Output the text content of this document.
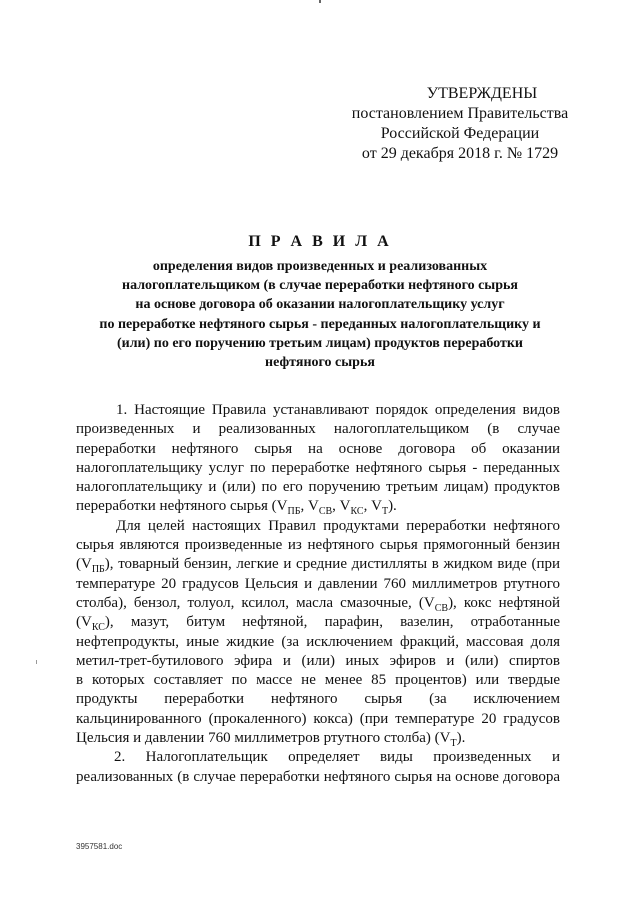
УТВЕРЖДЕНЫ
постановлением Правительства
Российской Федерации
от 29 декабря 2018 г. № 1729
П Р А В И Л А
определения видов произведенных и реализованных
налогоплательщиком (в случае переработки нефтяного сырья
на основе договора об оказании налогоплательщику услуг
по переработке нефтяного сырья - переданных налогоплательщику и
(или) по его поручению третьим лицам) продуктов переработки
нефтяного сырья
1. Настоящие Правила устанавливают порядок определения видов
произведенных и реализованных налогоплательщиком (в случае
переработки нефтяного сырья на основе договора об оказании
налогоплательщику услуг по переработке нефтяного сырья - переданных
налогоплательщику и (или) по его поручению третьим лицам) продуктов
переработки нефтяного сырья ($V_{ПБ}$, $V_{СВ}$, $V_{КС}$, $V_Т$).
Для целей настоящих Правил продуктами переработки нефтяного
сырья являются произведенные из нефтяного сырья прямогонный бензин
$(V_{ПБ})$, товарный бензин, легкие и средние дистилляты в жидком виде (при
температуре 20 градусов Цельсия и давлении 760 миллиметров ртутного
столба), бензол, толуол, ксилол, масла смазочные, $(V_{СВ})$, кокс нефтяной
$(V_{КС})$, мазут, битум нефтяной, парафин, вазелин, отработанные
нефтепродукты, иные жидкие (за исключением фракций, массовая доля
метил-трет-бутилового эфира и (или) иных эфиров и (или) спиртов
в которых составляет по массе не менее 85 процентов) или твердые
продукты переработки нефтяного сырья (за исключением
кальцинированного (прокаленного) кокса) (при температуре 20 градусов
Цельсия и давлении 760 миллиметров ртутного столба) $(V_Т)$.
2. Налогоплательщик определяет виды произведенных и
реализованных (в случае переработки нефтяного сырья на основе договора
3957581.doc
